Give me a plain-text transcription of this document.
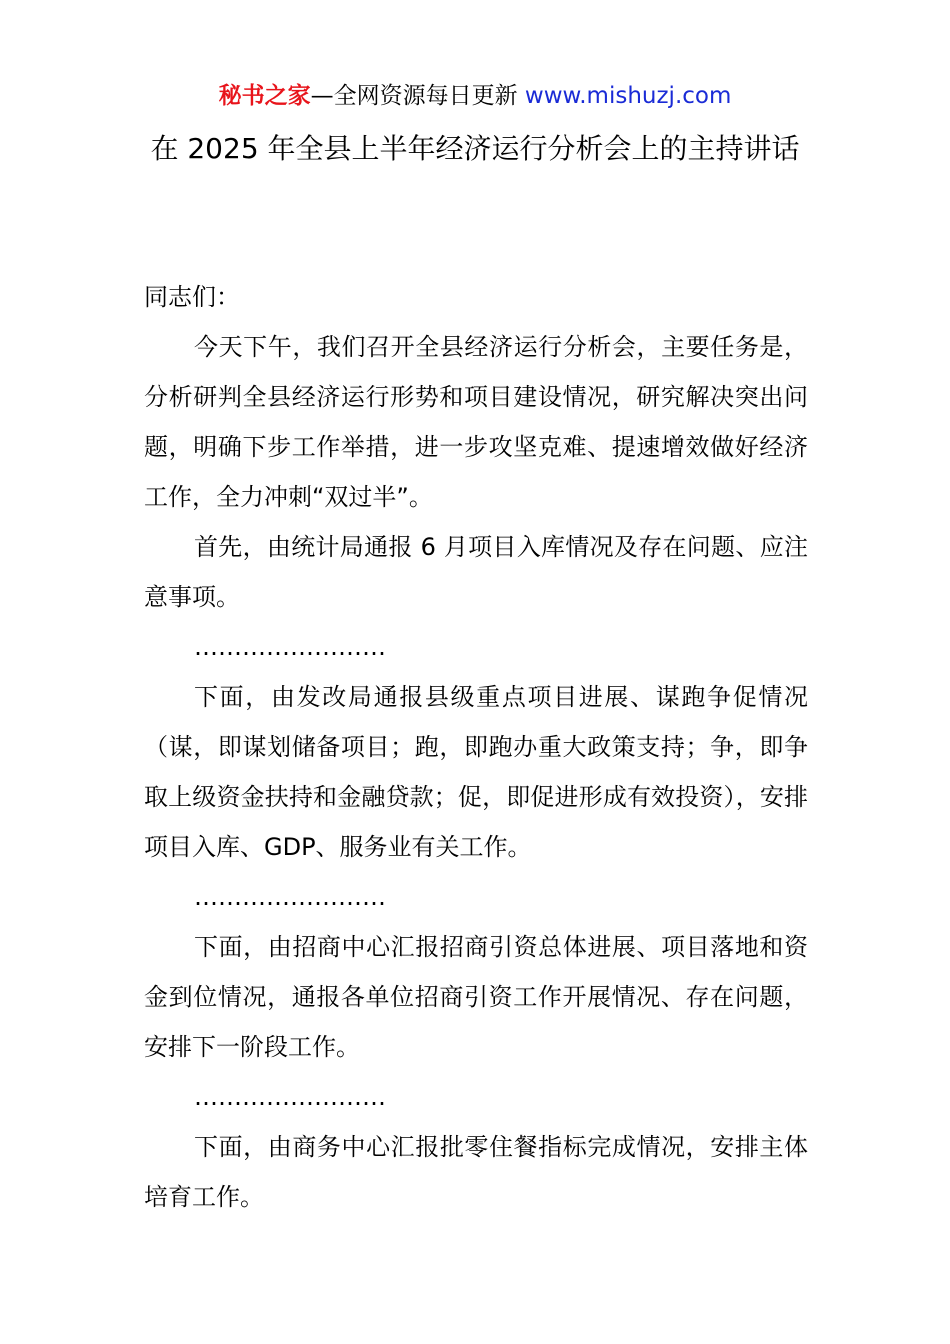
秘书之家—全网资源每日更新 www.mishuzj.com
在 2025 年全县上半年经济运行分析会上的主持讲话

同志们：

今天下午，我们召开全县经济运行分析会，主要任务是，分析研判全县经济运行形势和项目建设情况，研究解决突出问题，明确下步工作举措，进一步攻坚克难、提速增效做好经济工作，全力冲刺“双过半”。

首先，由统计局通报 6 月项目入库情况及存在问题、应注意事项。

……………………

下面，由发改局通报县级重点项目进展、谋跑争促情况（谋，即谋划储备项目；跑，即跑办重大政策支持；争，即争取上级资金扶持和金融贷款；促，即促进形成有效投资），安排项目入库、GDP、服务业有关工作。

……………………

下面，由招商中心汇报招商引资总体进展、项目落地和资金到位情况，通报各单位招商引资工作开展情况、存在问题，安排下一阶段工作。

……………………

下面，由商务中心汇报批零住餐指标完成情况，安排主体培育工作。
